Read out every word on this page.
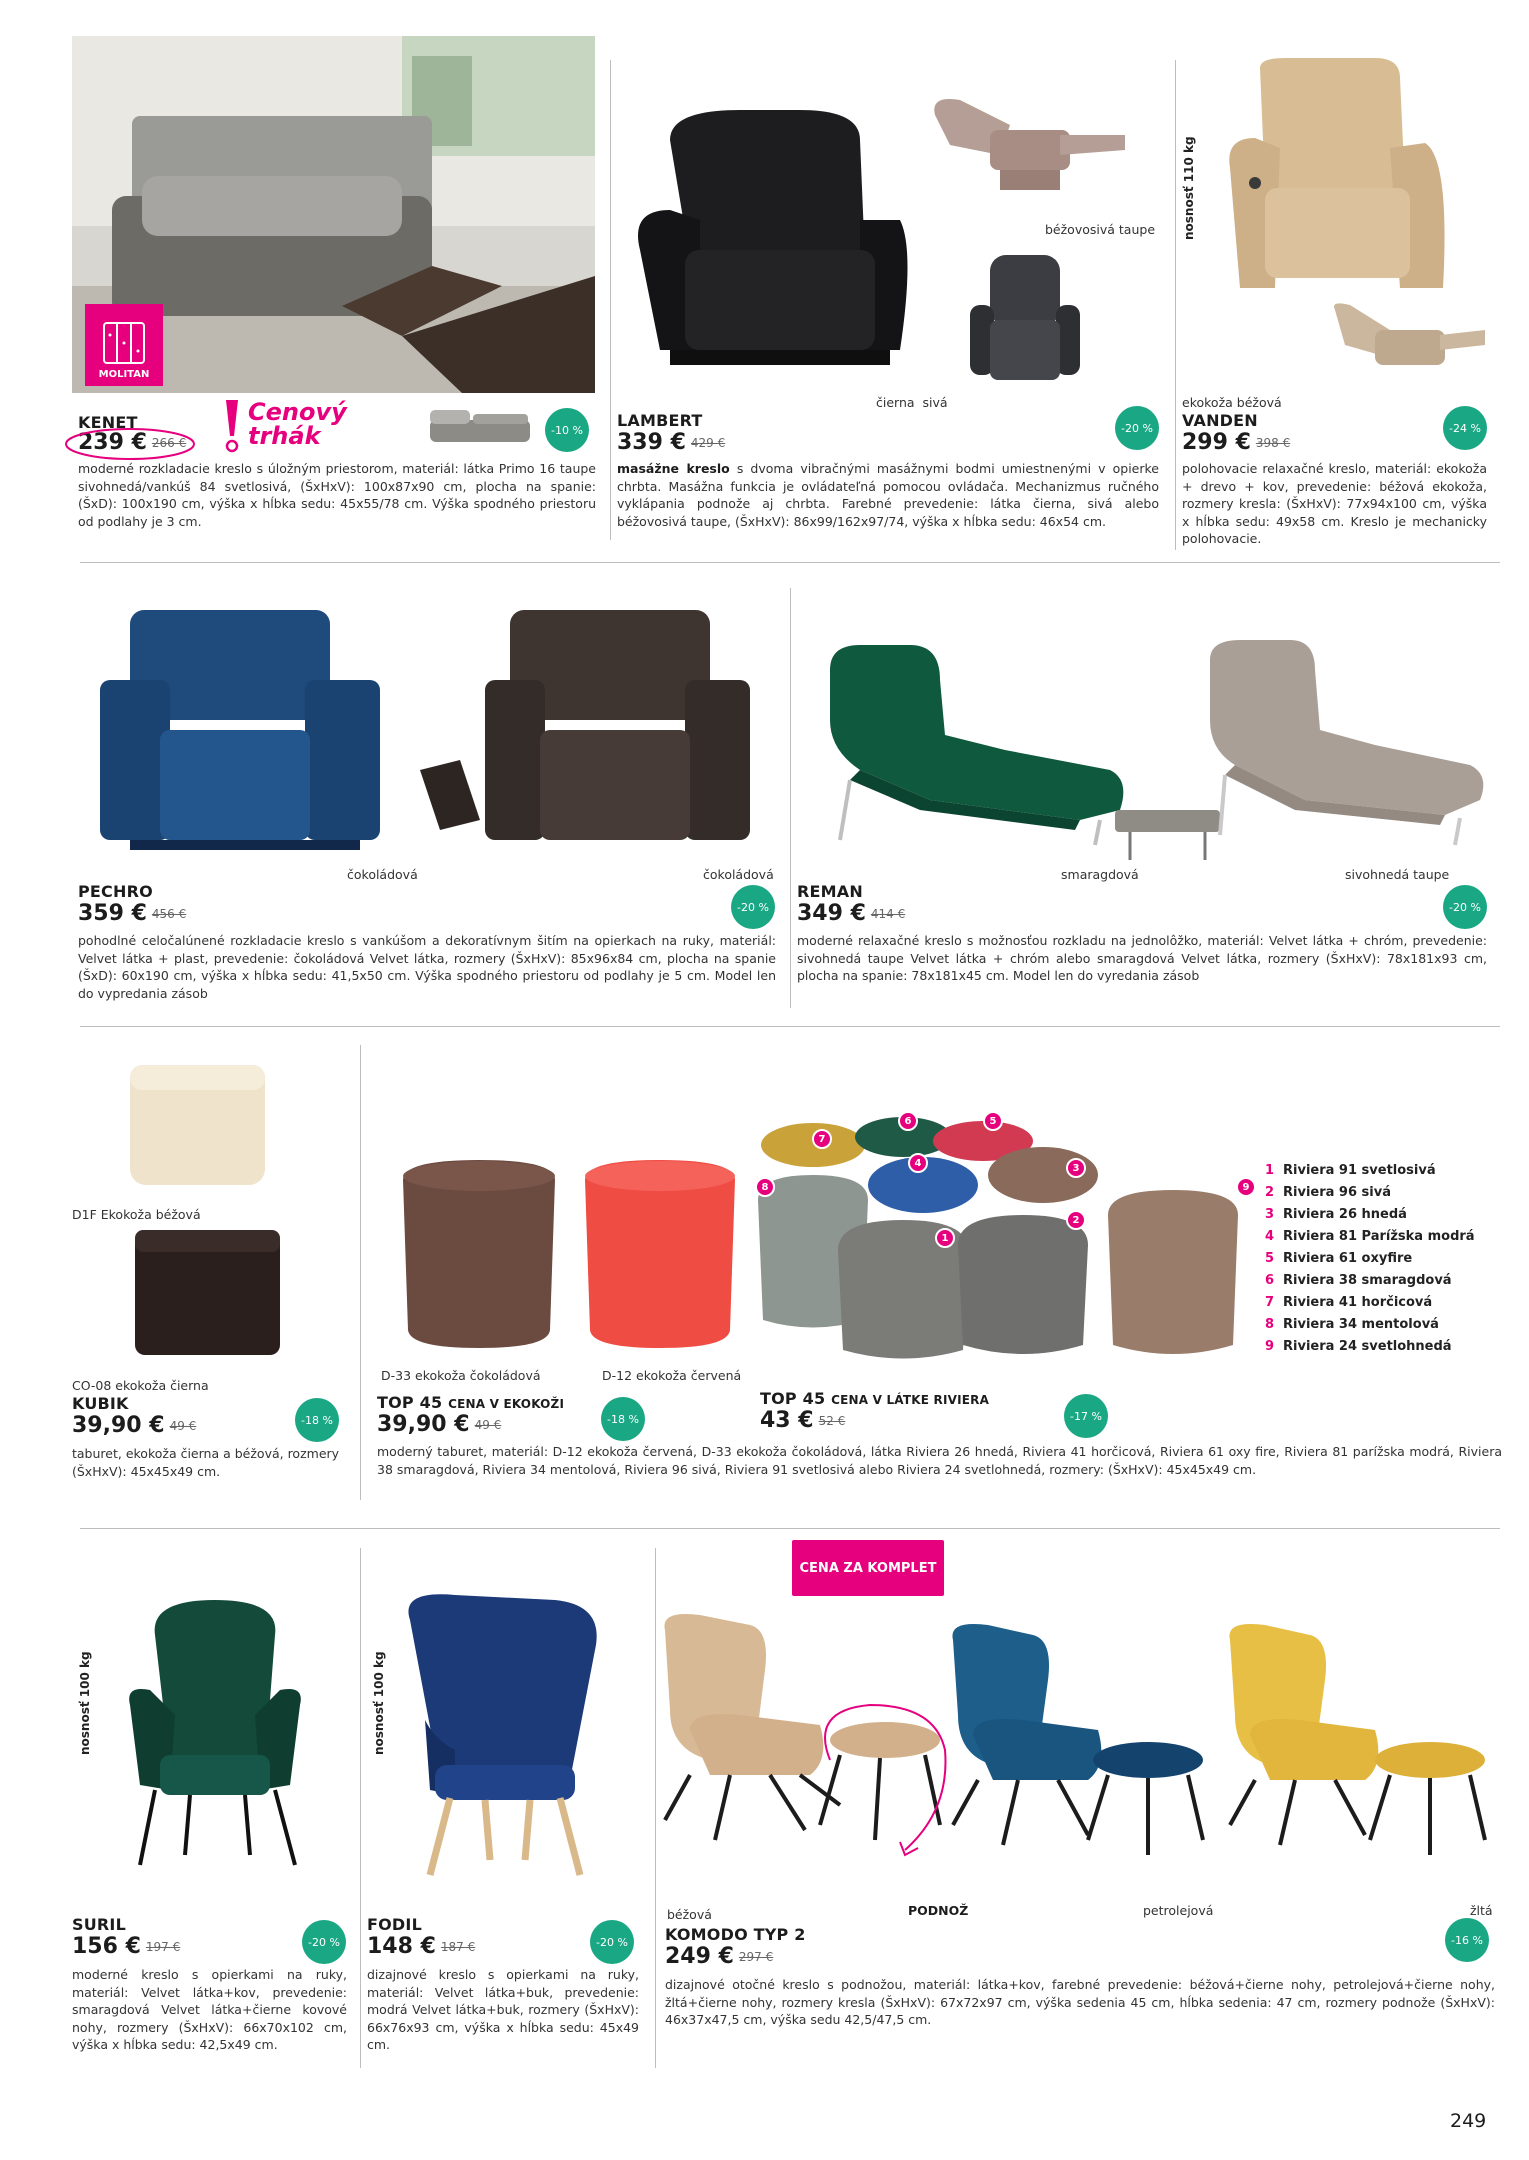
MOLITAN
KENET
239 € 266 €
Cenový
trhák	-10 %
moderné rozkladacie kreslo s úložným priestorom, materiál: látka Primo 16 taupe sivohnedá/vankúš 84 svetlosivá, (ŠxHxV): 100x87x90 cm, plocha na spanie: (ŠxD): 100x190 cm, výška x hĺbka sedu: 45x55/78 cm. Výška spodného priestoru od podlahy je 3 cm.
béžovosivá taupe
čierna  sivá
LAMBERT
339 € 429 €
-20 %
masážne kreslo s dvoma vibračnými masážnymi bodmi umiestnenými v opierke chrbta. Masážna funkcia je ovládateľná pomocou ovládača. Mechanizmus ručného vyklápania podnože aj chrbta. Farebné prevedenie: látka čierna, sivá alebo béžovosivá taupe, (ŠxHxV): 86x99/162x97/74, výška x hĺbka sedu: 46x54 cm.
nosnosť 110 kg
ekokoža béžová
VANDEN
299 € 398 €
-24 %
polohovacie relaxačné kreslo, materiál: ekokoža + drevo + kov, prevedenie: béžová ekokoža, rozmery kresla: (ŠxHxV): 77x94x100 cm, výška x hĺbka sedu: 49x58 cm. Kreslo je mechanicky polohovacie.
čokoládová	čokoládová
PECHRO
359 € 456 €	-20 %
pohodlné celočalúnené rozkladacie kreslo s vankúšom a dekoratívnym šitím na opierkach na ruky, materiál: Velvet látka + plast, prevedenie: čokoládová Velvet látka, rozmery (ŠxHxV): 85x96x84 cm, plocha na spanie (ŠxD): 60x190 cm, výška x hĺbka sedu: 41,5x50 cm. Výška spodného priestoru od podlahy je 5 cm. Model len do vypredania zásob
smaragdová	sivohnedá taupe
REMAN
349 € 414 €	-20 %
moderné relaxačné kreslo s možnosťou rozkladu na jednolôžko, materiál: Velvet látka + chróm, prevedenie: sivohnedá taupe Velvet látka + chróm alebo smaragdová Velvet látka, rozmery (ŠxHxV): 78x181x93 cm, plocha na spanie: 78x181x45 cm. Model len do vyredania zásob
D1F Ekokoža béžová
CO-08 ekokoža čierna
KUBIK
39,90 € 49 €	-18 %
taburet, ekokoža čierna a béžová, rozmery (ŠxHxV): 45x45x49 cm.
7
6	5
4	3
8	9
2
1
1 Riviera 91 svetlosivá
2 Riviera 96 sivá
3 Riviera 26 hnedá
4 Riviera 81 Parížska modrá
5 Riviera 61 oxyfire
6 Riviera 38 smaragdová
7 Riviera 41 horčicová
8 Riviera 34 mentolová
9 Riviera 24 svetlohnedá
D-33 ekokoža čokoládová	D-12 ekokoža červená
TOP 45 CENA V EKOKOŽI
39,90 € 49 €	-18 %
TOP 45 CENA V LÁTKE RIVIERA
43 € 52 €	-17 %
moderný taburet, materiál: D-12 ekokoža červená, D-33 ekokoža čokoládová, látka Riviera 26 hnedá, Riviera 41 horčicová, Riviera 61 oxy fire, Riviera 81 parížska modrá, Riviera 38 smaragdová, Riviera 34 mentolová, Riviera 96 sivá, Riviera 91 svetlosivá alebo Riviera 24 svetlohnedá, rozmery: (ŠxHxV): 45x45x49 cm.
nosnosť 100 kg
SURIL
156 € 197 €	-20 %
moderné kreslo s opierkami na ruky, materiál: Velvet látka+kov, prevedenie: smaragdová Velvet látka+čierne kovové nohy, rozmery (ŠxHxV): 66x70x102 cm, výška x hĺbka sedu: 42,5x49 cm.
nosnosť 100 kg
FODIL
148 € 187 €	-20 %
dizajnové kreslo s opierkami na ruky, materiál: Velvet látka+buk, prevedenie: modrá Velvet látka+buk, rozmery (ŠxHxV): 66x76x93 cm, výška x hĺbka sedu: 45x49 cm.
CENA ZA KOMPLET
béžová	PODNOŽ	petrolejová	žltá
KOMODO TYP 2
249 € 297 €
-16 %
dizajnové otočné kreslo s podnožou, materiál: látka+kov, farebné prevedenie: béžová+čierne nohy, petrolejová+čierne nohy, žltá+čierne nohy, rozmery kresla (ŠxHxV): 67x72x97 cm, výška sedenia 45 cm, hĺbka sedenia: 47 cm, rozmery podnože (ŠxHxV): 46x37x47,5 cm, výška sedu 42,5/47,5 cm.
249
